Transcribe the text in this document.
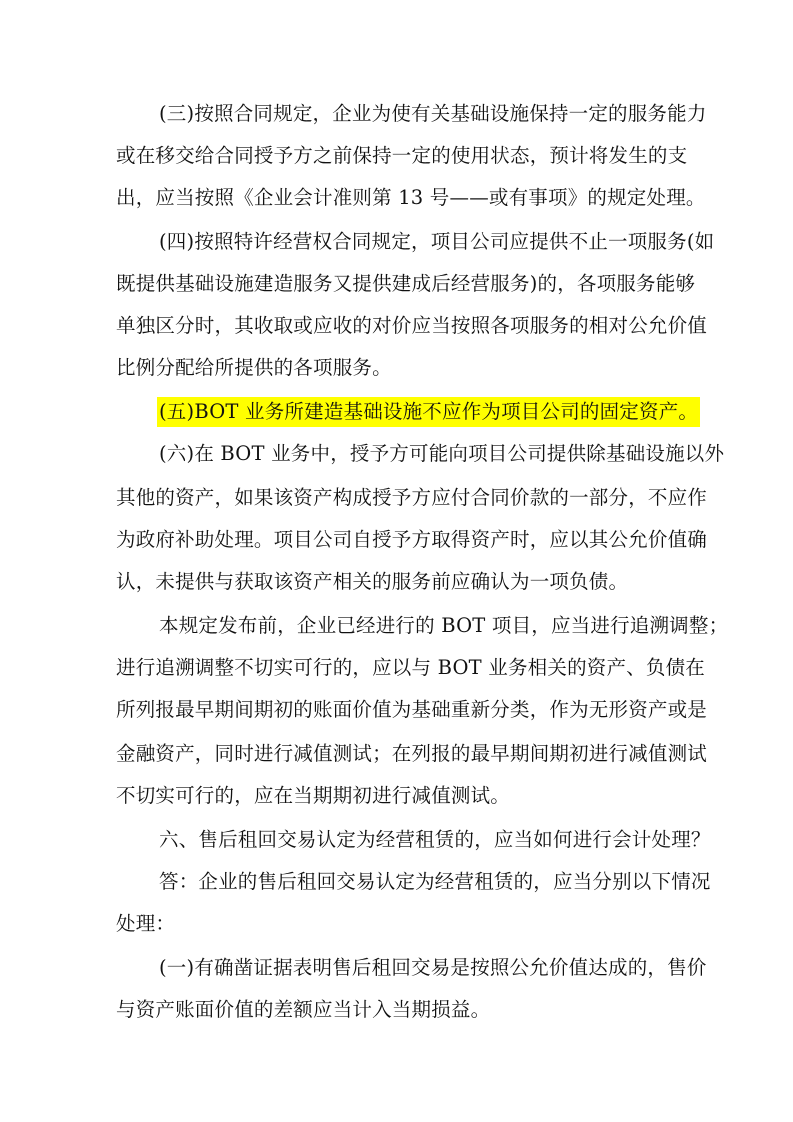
(三)按照合同规定，企业为使有关基础设施保持一定的服务能力
或在移交给合同授予方之前保持一定的使用状态，预计将发生的支
出，应当按照《企业会计准则第 13 号——或有事项》的规定处理。
(四)按照特许经营权合同规定，项目公司应提供不止一项服务(如
既提供基础设施建造服务又提供建成后经营服务)的，各项服务能够
单独区分时，其收取或应收的对价应当按照各项服务的相对公允价值
比例分配给所提供的各项服务。
(五)BOT 业务所建造基础设施不应作为项目公司的固定资产。
(六)在 BOT 业务中，授予方可能向项目公司提供除基础设施以外
其他的资产，如果该资产构成授予方应付合同价款的一部分，不应作
为政府补助处理。项目公司自授予方取得资产时，应以其公允价值确
认，未提供与获取该资产相关的服务前应确认为一项负债。
本规定发布前，企业已经进行的 BOT 项目，应当进行追溯调整；
进行追溯调整不切实可行的，应以与 BOT 业务相关的资产、负债在
所列报最早期间期初的账面价值为基础重新分类，作为无形资产或是
金融资产，同时进行减值测试；在列报的最早期间期初进行减值测试
不切实可行的，应在当期期初进行减值测试。
六、售后租回交易认定为经营租赁的，应当如何进行会计处理？
答：企业的售后租回交易认定为经营租赁的，应当分别以下情况
处理：
(一)有确凿证据表明售后租回交易是按照公允价值达成的，售价
与资产账面价值的差额应当计入当期损益。
